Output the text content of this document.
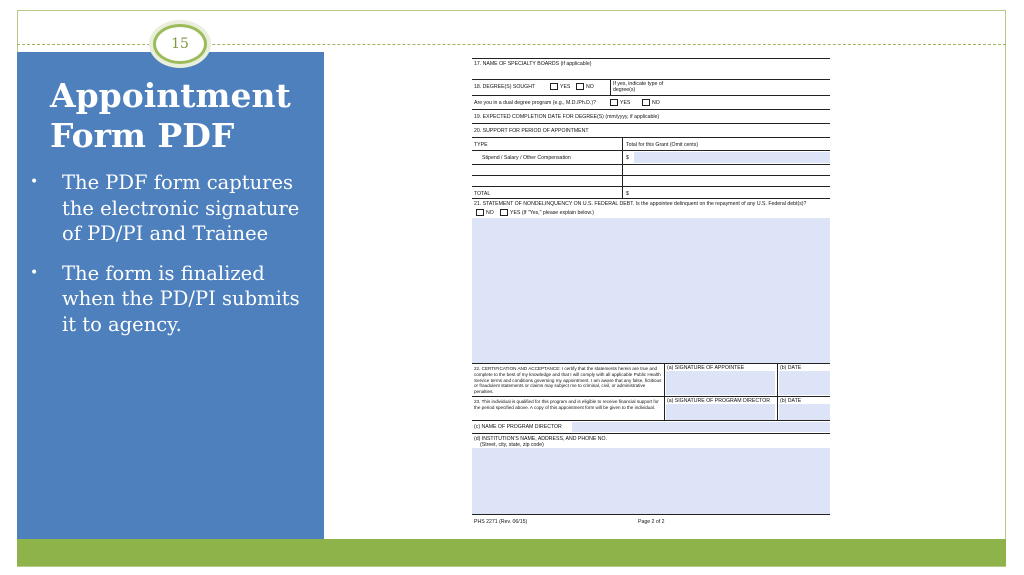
15
Appointment Form PDF
• The PDF form captures the electronic signature of PD/PI and Trainee
• The form is finalized when the PD/PI submits it to agency.
17. NAME OF SPECIALTY BOARDS (if applicable)
18. DEGREE(S) SOUGHT	YES	NO	If yes, indicate type of degree(s)
Are you in a dual degree program (e.g., M.D./Ph.D.)?	YES	NO
19. EXPECTED COMPLETION DATE FOR DEGREE(S) (mm/yyyy, if applicable)
20. SUPPORT FOR PERIOD OF APPOINTMENT
TYPE	Total for this Grant (Omit cents)
Stipend / Salary / Other Compensation	$
TOTAL	$
21. STATEMENT OF NONDELINQUENCY ON U.S. FEDERAL DEBT. Is the appointee delinquent on the repayment of any U.S. Federal debt(s)?
NO	YES (If "Yes," please explain below.)
22. CERTIFICATION AND ACCEPTANCE: I certify that the statements herein are true and complete to the best of my knowledge and that I will comply with all applicable Public Health Service terms and conditions governing my appointment. I am aware that any false, fictitious or fraudulent statements or claims may subject me to criminal, civil, or administrative penalties.
(a) SIGNATURE OF APPOINTEE	(b) DATE
23. This individual is qualified for this program and is eligible to receive financial support for the period specified above. A copy of this appointment form will be given to the individual.
(a) SIGNATURE OF PROGRAM DIRECTOR (b) DATE
(c) NAME OF PROGRAM DIRECTOR
(d) INSTITUTION'S NAME, ADDRESS, AND PHONE NO.
(Street, city, state, zip code)
PHS 2271 (Rev. 06/15)	Page 2 of 2
